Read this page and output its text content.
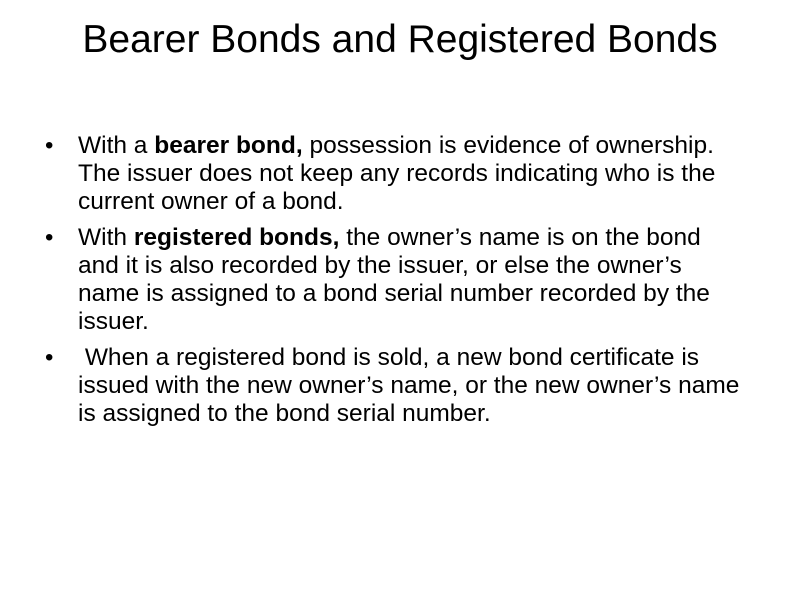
Bearer Bonds and Registered Bonds
• With a bearer bond, possession is evidence of ownership. The issuer does not keep any records indicating who is the current owner of a bond.
• With registered bonds, the owner’s name is on the bond and it is also recorded by the issuer, or else the owner’s name is assigned to a bond serial number recorded by the issuer.
• When a registered bond is sold, a new bond certificate is issued with the new owner’s name, or the new owner’s name is assigned to the bond serial number.
